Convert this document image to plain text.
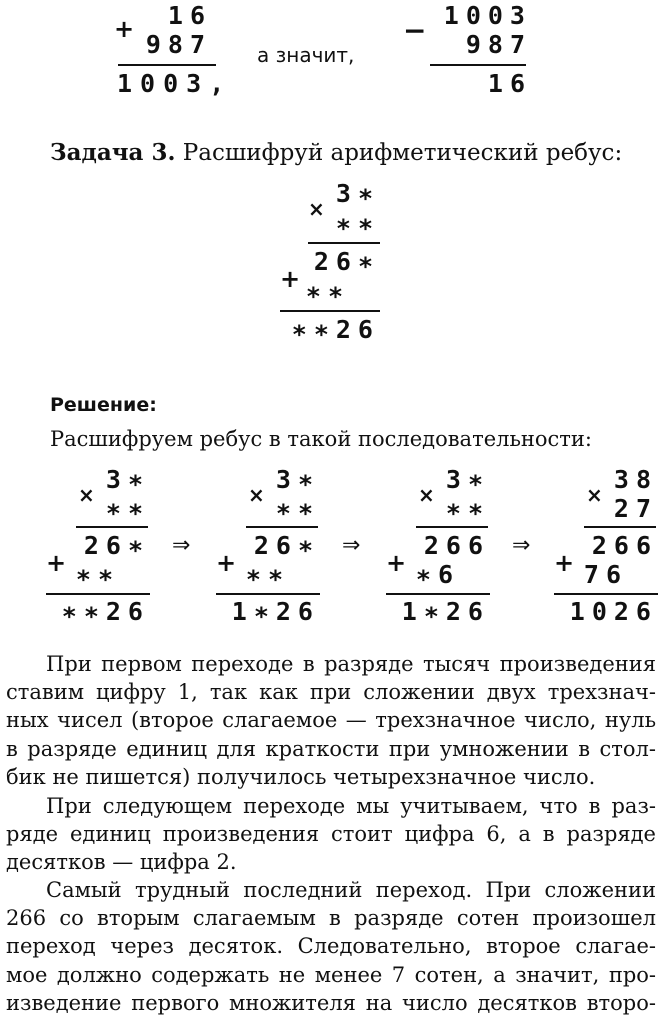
+	16
987
1003,
а значит,
− 1003
987
16
Задача 3. Расшифруй арифметический ребус:
×
3∗
∗∗
26∗
+ ∗∗
∗∗26
Решение:
Расшифруем ребус в такой последовательности:
×
3∗
∗∗
26∗
+ ∗∗
∗∗26
⇒
×
3∗
∗∗
26∗
+ ∗∗
1∗26
⇒
×
3∗
∗∗
266
+ ∗6
1∗26
⇒
×
38
27
266
+ 76
1026
При первом переходе в разряде тысяч произведения
ставим цифру 1, так как при сложении двух трехзнач-
ных чисел (второе слагаемое — трехзначное число, нуль
в разряде единиц для краткости при умножении в стол-
бик не пишется) получилось четырехзначное число.
При следующем переходе мы учитываем, что в раз-
ряде единиц произведения стоит цифра 6, а в разряде
десятков — цифра 2.
Самый трудный последний переход. При сложении
266 со вторым слагаемым в разряде сотен произошел
переход через десяток. Следовательно, второе слагае-
мое должно содержать не менее 7 сотен, а значит, про-
изведение первого множителя на число десятков второ-
